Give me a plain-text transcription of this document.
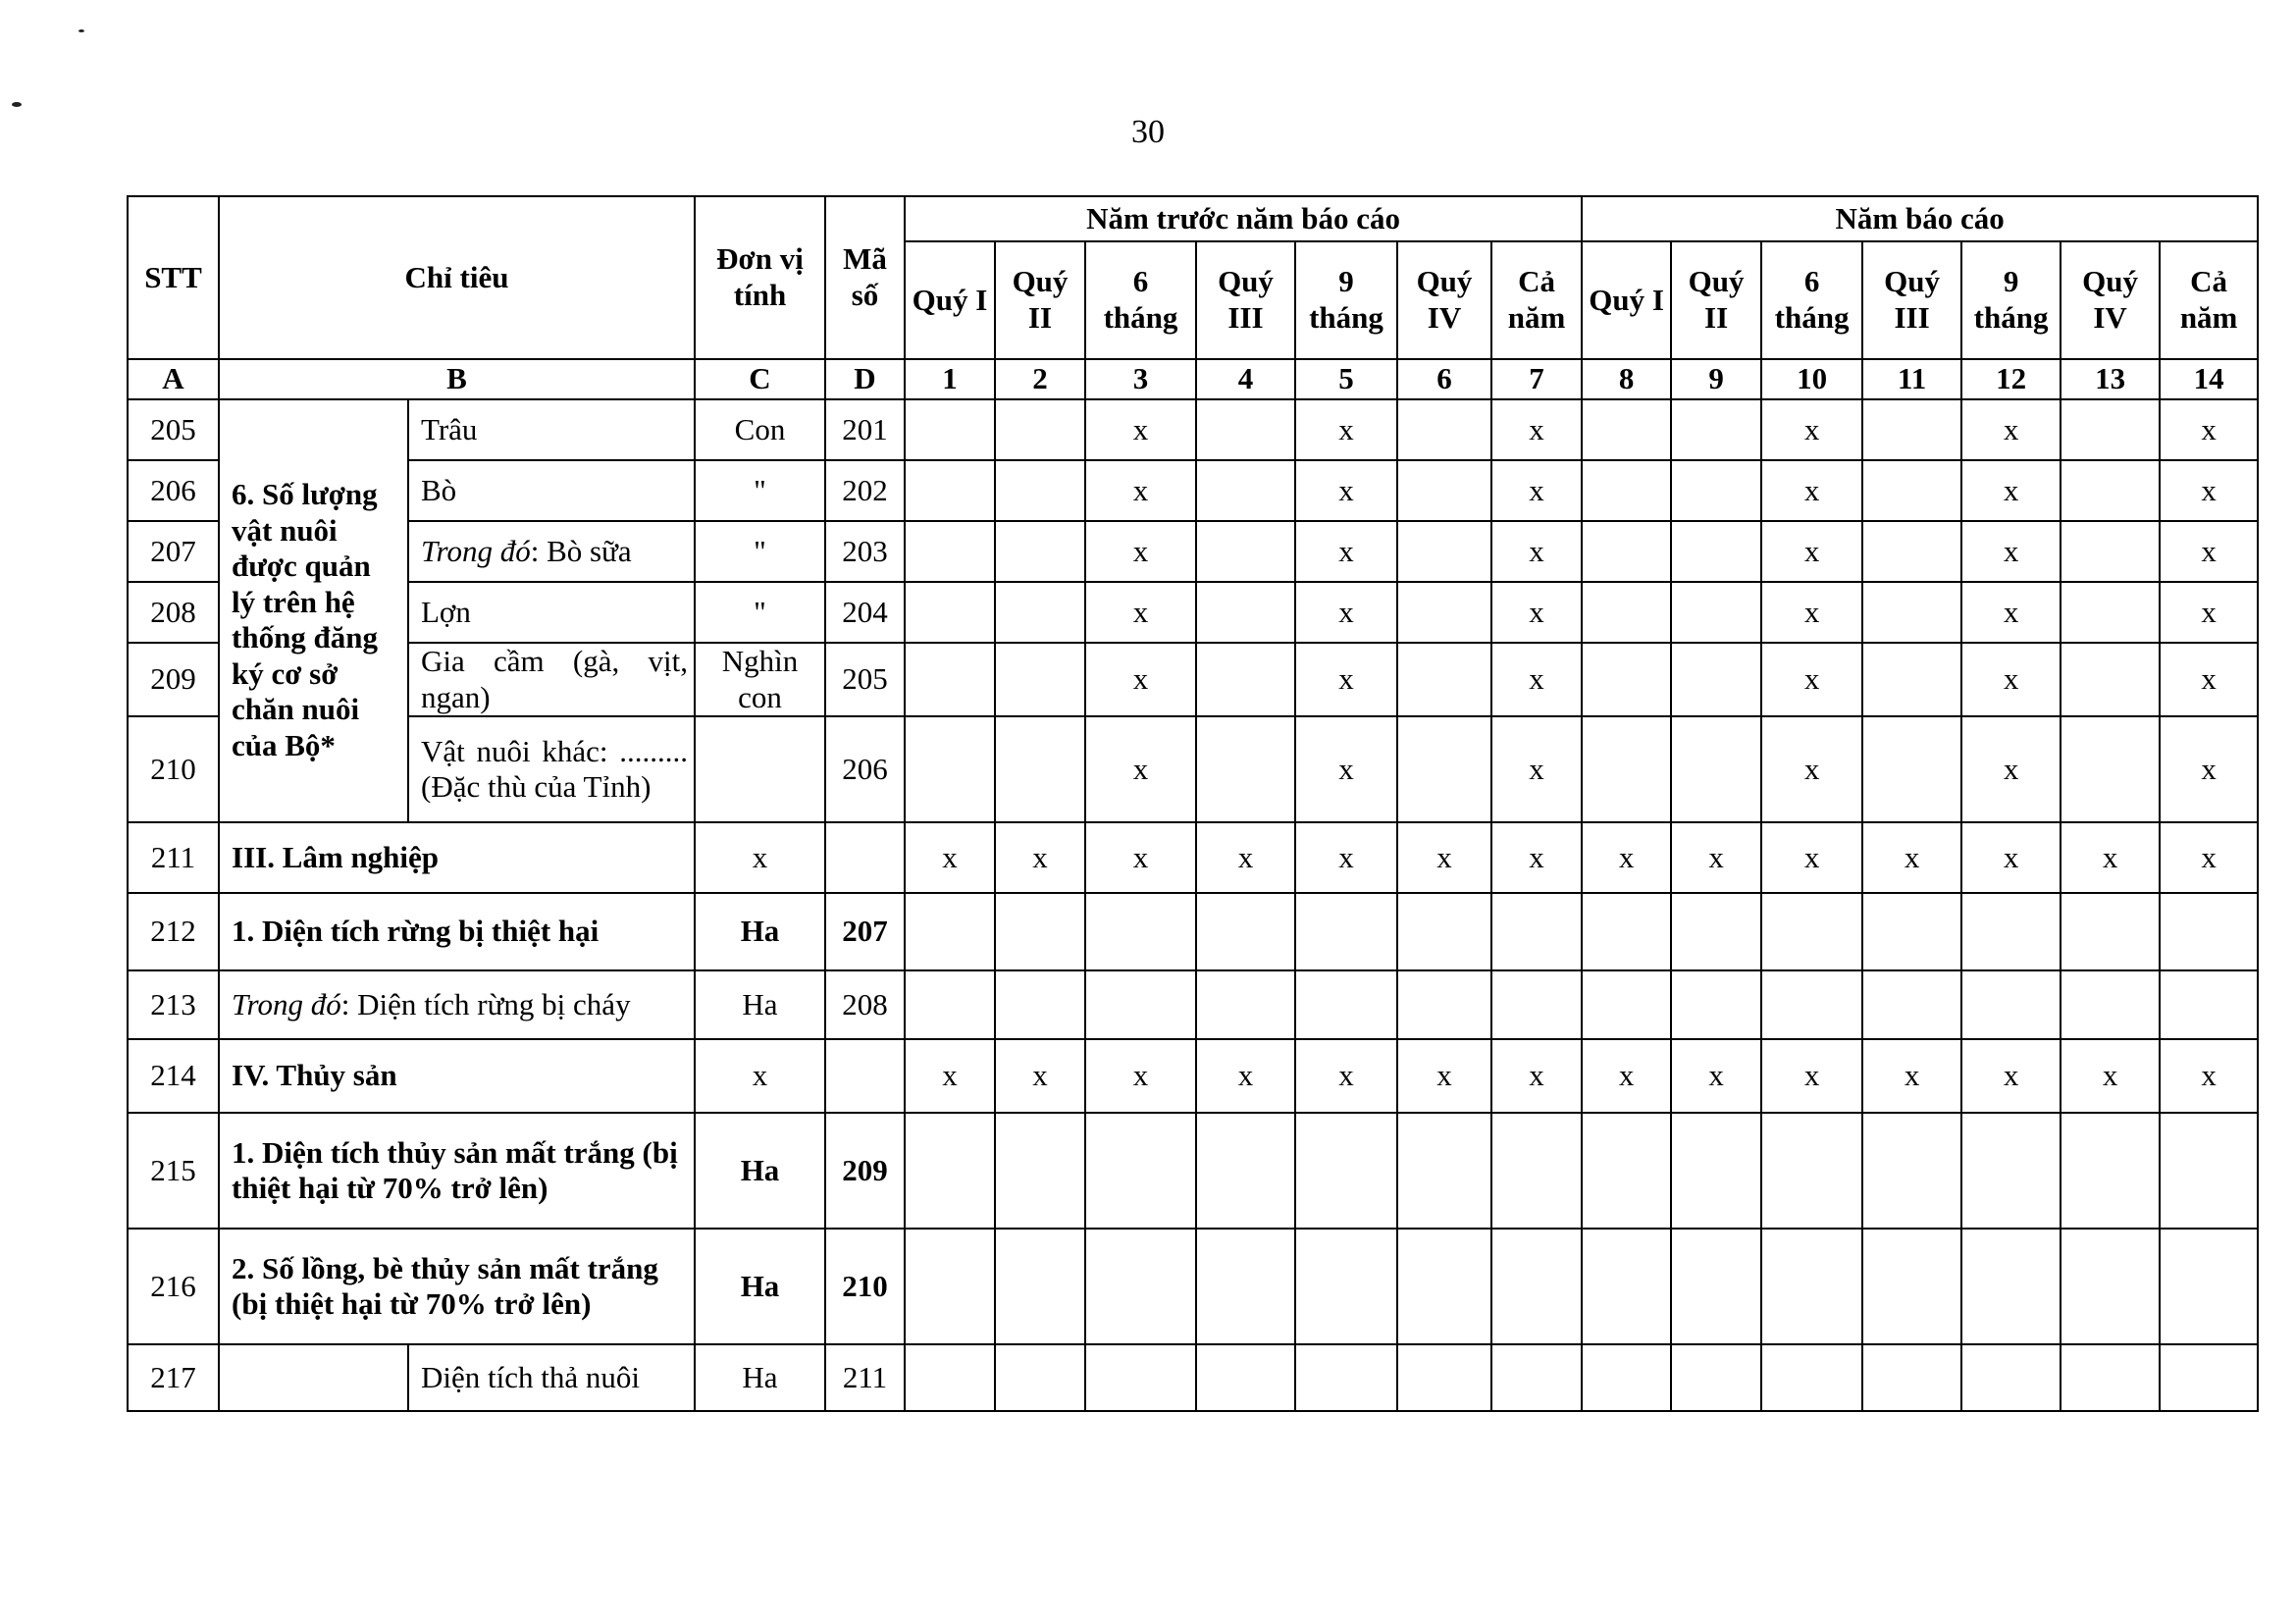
30
STT	Chỉ tiêu		Đơn vị tính	Mã số	Năm trước năm báo cáo							Năm báo cáo						
					Quý I	Quý II	6 tháng	Quý III	9 tháng	Quý IV	Cả năm	Quý I	Quý II	6 tháng	Quý III	9 tháng	Quý IV	Cả năm
A	B		C	D	1	2	3	4	5	6	7	8	9	10	11	12	13	14
205	6. Số lượng vật nuôi được quản lý trên hệ thống đăng ký cơ sở chăn nuôi của Bộ*	Trâu	Con	201			x		x		x			x		x		x
206		Bò	"	202			x		x		x			x		x		x
207		Trong đó: Bò sữa	"	203			x		x		x			x		x		x
208		Lợn	"	204			x		x		x			x		x		x
209		Gia cầm (gà, vịt, ngan)	Nghìn con	205			x		x		x			x		x		x
210		Vật nuôi khác: ......... (Đặc thù của Tỉnh)		206			x		x		x			x		x		x
211	III. Lâm nghiệp		x		x	x	x	x	x	x	x	x	x	x	x	x	x	x
212	1. Diện tích rừng bị thiệt hại		Ha	207														
213	Trong đó: Diện tích rừng bị cháy		Ha	208														
214	IV. Thủy sản		x		x	x	x	x	x	x	x	x	x	x	x	x	x	x
215	1. Diện tích thủy sản mất trắng (bị thiệt hại từ 70% trở lên)		Ha	209														
216	2. Số lồng, bè thủy sản mất trắng (bị thiệt hại từ 70% trở lên)		Ha	210														
217		Diện tích thả nuôi	Ha	211														
